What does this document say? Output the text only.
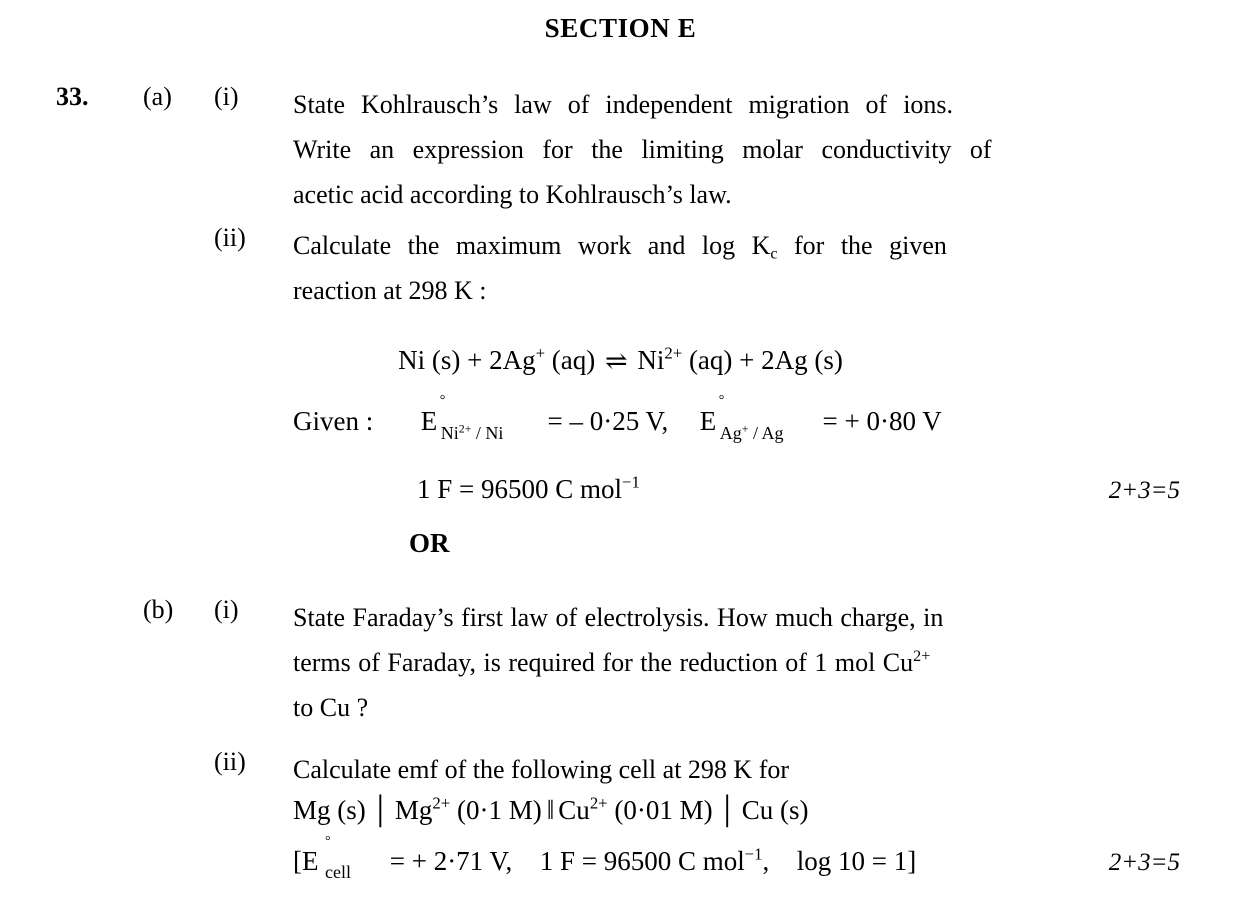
SECTION E
33. (a) (i) State Kohlrausch’s law of independent migration of ions.
Write an expression for the limiting molar conductivity of
acetic acid according to Kohlrausch’s law.
(ii) Calculate the maximum work and $\log K_c$ for the given
reaction at 298 K :
Ni (s) + 2Ag+ (aq) ⇌ $Ni^{2+}$ (aq) + 2Ag (s)
Given : E
°
$Ni^{2+}$ / Ni = – 0·25 V, E
°
Ag+ / Ag = + 0·80 V
1 F = 96500 C mol$^{-1}$	2+3=5
OR
(b) (i) State Faraday’s first law of electrolysis. How much charge, in
terms of Faraday, is required for the reduction of 1 mol $Cu^{2+}$
to Cu ?
(ii) Calculate emf of the following cell at 298 K for
Mg (s) │ $Mg^{2+}$ (0·1 M) ‖ $Cu^{2+}$ (0·01 M) │ Cu (s)
[E
°
cell = + 2·71 V, 1 F = 96500 C mol$^{-1}$, log 10 = 1]	2+3=5
